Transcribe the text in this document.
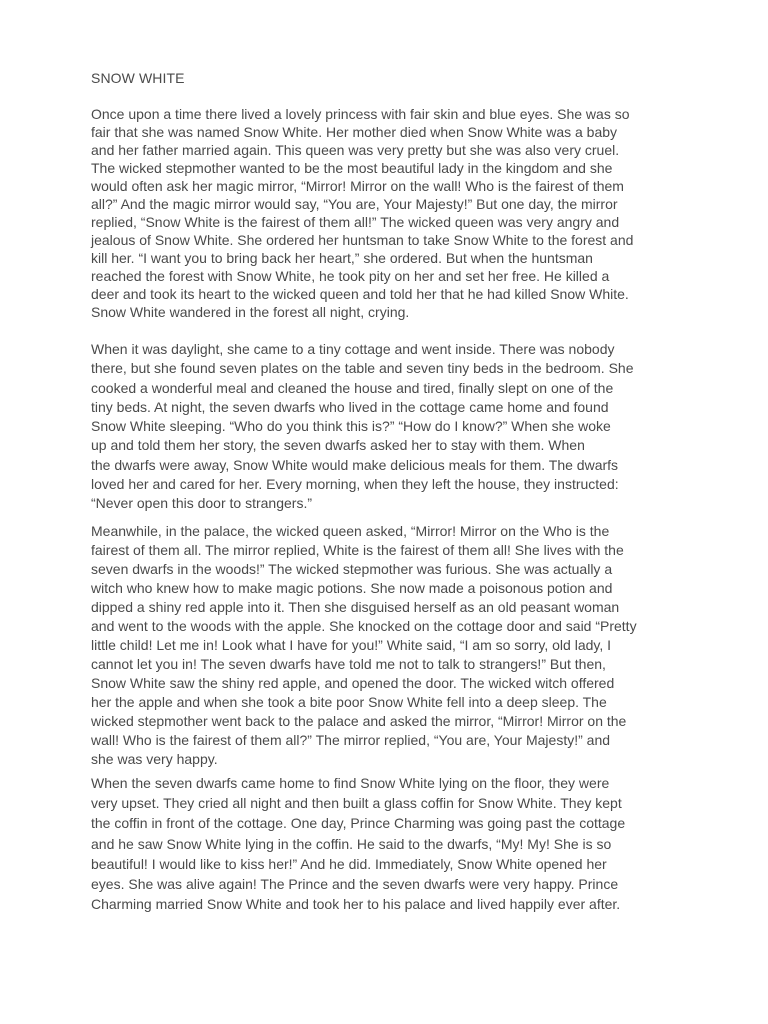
SNOW WHITE
Once upon a time there lived a lovely princess with fair skin and blue eyes. She was so
fair that she was named Snow White. Her mother died when Snow White was a baby
and her father married again. This queen was very pretty but she was also very cruel.
The wicked stepmother wanted to be the most beautiful lady in the kingdom and she
would often ask her magic mirror, “Mirror! Mirror on the wall! Who is the fairest of them
all?” And the magic mirror would say, “You are, Your Majesty!” But one day, the mirror
replied, “Snow White is the fairest of them all!” The wicked queen was very angry and
jealous of Snow White. She ordered her huntsman to take Snow White to the forest and
kill her. “I want you to bring back her heart,” she ordered. But when the huntsman
reached the forest with Snow White, he took pity on her and set her free. He killed a
deer and took its heart to the wicked queen and told her that he had killed Snow White.
Snow White wandered in the forest all night, crying.
When it was daylight, she came to a tiny cottage and went inside. There was nobody
there, but she found seven plates on the table and seven tiny beds in the bedroom. She
cooked a wonderful meal and cleaned the house and tired, finally slept on one of the
tiny beds. At night, the seven dwarfs who lived in the cottage came home and found
Snow White sleeping. “Who do you think this is?” “How do I know?” When she woke
up and told them her story, the seven dwarfs asked her to stay with them. When
the dwarfs were away, Snow White would make delicious meals for them. The dwarfs
loved her and cared for her. Every morning, when they left the house, they instructed:
“Never open this door to strangers.”
Meanwhile, in the palace, the wicked queen asked, “Mirror! Mirror on the Who is the
fairest of them all. The mirror replied, White is the fairest of them all! She lives with the
seven dwarfs in the woods!” The wicked stepmother was furious. She was actually a
witch who knew how to make magic potions. She now made a poisonous potion and
dipped a shiny red apple into it. Then she disguised herself as an old peasant woman
and went to the woods with the apple. She knocked on the cottage door and said “Pretty
little child! Let me in! Look what I have for you!” White said, “I am so sorry, old lady, I
cannot let you in! The seven dwarfs have told me not to talk to strangers!” But then,
Snow White saw the shiny red apple, and opened the door. The wicked witch offered
her the apple and when she took a bite poor Snow White fell into a deep sleep. The
wicked stepmother went back to the palace and asked the mirror, “Mirror! Mirror on the
wall! Who is the fairest of them all?” The mirror replied, “You are, Your Majesty!” and
she was very happy.
When the seven dwarfs came home to find Snow White lying on the floor, they were
very upset. They cried all night and then built a glass coffin for Snow White. They kept
the coffin in front of the cottage. One day, Prince Charming was going past the cottage
and he saw Snow White lying in the coffin. He said to the dwarfs, “My! My! She is so
beautiful! I would like to kiss her!” And he did. Immediately, Snow White opened her
eyes. She was alive again! The Prince and the seven dwarfs were very happy. Prince
Charming married Snow White and took her to his palace and lived happily ever after.
